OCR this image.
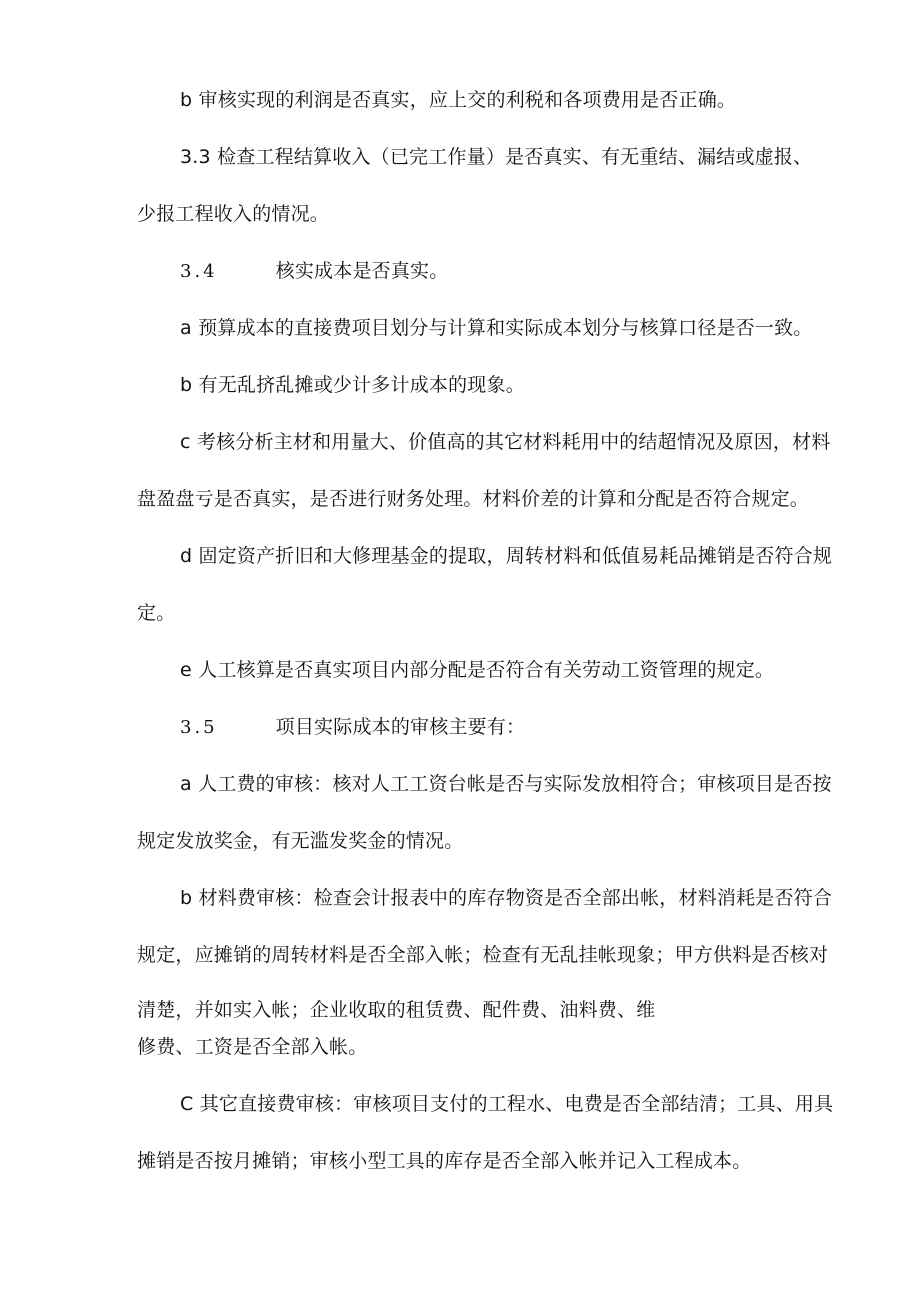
b 审核实现的利润是否真实，应上交的利税和各项费用是否正确。
3.3 检查工程结算收入（已完工作量）是否真实、有无重结、漏结或虚报、
少报工程收入的情况。
3.4	核实成本是否真实。
a 预算成本的直接费项目划分与计算和实际成本划分与核算口径是否一致。
b 有无乱挤乱摊或少计多计成本的现象。
c 考核分析主材和用量大、价值高的其它材料耗用中的结超情况及原因，材料
盘盈盘亏是否真实，是否进行财务处理。材料价差的计算和分配是否符合规定。
d 固定资产折旧和大修理基金的提取，周转材料和低值易耗品摊销是否符合规
定。
e 人工核算是否真实项目内部分配是否符合有关劳动工资管理的规定。
3.5	项目实际成本的审核主要有：
a 人工费的审核：核对人工工资台帐是否与实际发放相符合；审核项目是否按
规定发放奖金，有无滥发奖金的情况。
b 材料费审核：检查会计报表中的库存物资是否全部出帐，材料消耗是否符合
规定，应摊销的周转材料是否全部入帐；检查有无乱挂帐现象；甲方供料是否核对
清楚，并如实入帐；企业收取的租赁费、配件费、油料费、维
修费、工资是否全部入帐。
C 其它直接费审核：审核项目支付的工程水、电费是否全部结清；工具、用具
摊销是否按月摊销；审核小型工具的库存是否全部入帐并记入工程成本。
